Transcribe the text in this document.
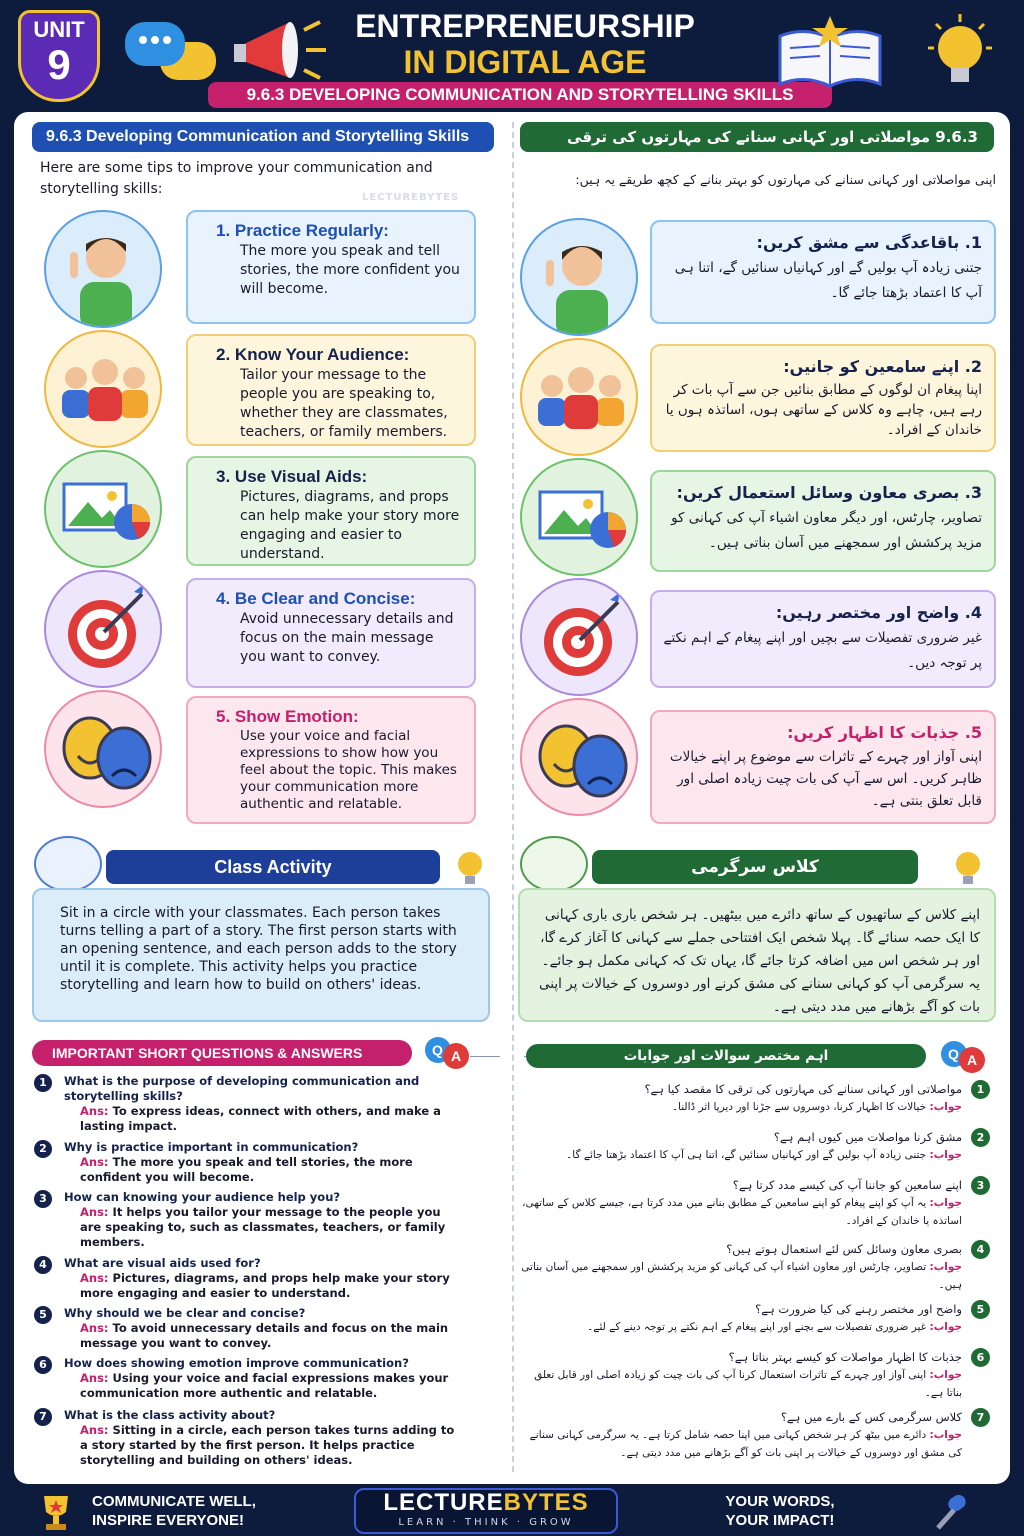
UNIT
9
ENTREPRENEURSHIP
IN DIGITAL AGE
9.6.3 DEVELOPING COMMUNICATION AND STORYTELLING SKILLS
9.6.3 Developing Communication and Storytelling Skills
Here are some tips to improve your communication and storytelling skills:
LECTUREBYTES
1. Practice Regularly:
The more you speak and tell stories, the more confident you will become.
2. Know Your Audience:
Tailor your message to the people you are speaking to, whether they are classmates, teachers, or family members.
3. Use Visual Aids:
Pictures, diagrams, and props can help make your story more engaging and easier to understand.
4. Be Clear and Concise:
Avoid unnecessary details and focus on the main message you want to convey.
5. Show Emotion:
Use your voice and facial expressions to show how you feel about the topic. This makes your communication more authentic and relatable.
9.6.3 مواصلاتی اور کہانی سنانے کی مہارتوں کی ترقی
اپنی مواصلاتی اور کہانی سنانے کی مہارتوں کو بہتر بنانے کے کچھ طریقے یہ ہیں:
1. باقاعدگی سے مشق کریں:
جتنی زیادہ آپ بولیں گے اور کہانیاں سنائیں گے، اتنا ہی آپ کا اعتماد بڑھتا جائے گا۔
2. اپنے سامعین کو جانیں:
اپنا پیغام ان لوگوں کے مطابق بنائیں جن سے آپ بات کر رہے ہیں، چاہے وہ کلاس کے ساتھی ہوں، اساتذہ ہوں یا خاندان کے افراد۔
3. بصری معاون وسائل استعمال کریں:
تصاویر، چارٹس، اور دیگر معاون اشیاء آپ کی کہانی کو مزید پرکشش اور سمجھنے میں آسان بناتی ہیں۔
4. واضح اور مختصر رہیں:
غیر ضروری تفصیلات سے بچیں اور اپنے پیغام کے اہم نکتے پر توجہ دیں۔
5. جذبات کا اظہار کریں:
اپنی آواز اور چہرے کے تاثرات سے موضوع پر اپنے خیالات ظاہر کریں۔ اس سے آپ کی بات چیت زیادہ اصلی اور قابل تعلق بنتی ہے۔
Class Activity
Sit in a circle with your classmates. Each person takes turns telling a part of a story. The first person starts with an opening sentence, and each person adds to the story until it is complete. This activity helps you practice storytelling and learn how to build on others' ideas.
کلاس سرگرمی
اپنے کلاس کے ساتھیوں کے ساتھ دائرے میں بیٹھیں۔ ہر شخص باری باری کہانی کا ایک حصہ سنائے گا۔ پہلا شخص ایک افتتاحی جملے سے کہانی کا آغاز کرے گا، اور ہر شخص اس میں اضافہ کرتا جائے گا، یہاں تک کہ کہانی مکمل ہو جائے۔ یہ سرگرمی آپ کو کہانی سنانے کی مشق کرنے اور دوسروں کے خیالات پر اپنی بات کو آگے بڑھانے میں مدد دیتی ہے۔
IMPORTANT SHORT QUESTIONS & ANSWERS	Q A
1	What is the purpose of developing communication and storytelling skills?
Ans: To express ideas, connect with others, and make a lasting impact.
2	Why is practice important in communication?
Ans: The more you speak and tell stories, the more confident you will become.
3	How can knowing your audience help you?
Ans: It helps you tailor your message to the people you are speaking to, such as classmates, teachers, or family members.
4	What are visual aids used for?
Ans: Pictures, diagrams, and props help make your story more engaging and easier to understand.
5	Why should we be clear and concise?
Ans: To avoid unnecessary details and focus on the main message you want to convey.
6	How does showing emotion improve communication?
Ans: Using your voice and facial expressions makes your communication more authentic and relatable.
7	What is the class activity about?
Ans: Sitting in a circle, each person takes turns adding to a story started by the first person. It helps practice storytelling and building on others' ideas.
اہم مختصر سوالات اور جوابات	Q A
1
مواصلاتی اور کہانی سنانے کی مہارتوں کی ترقی کا مقصد کیا ہے؟
جواب: خیالات کا اظہار کرنا، دوسروں سے جڑنا اور دیرپا اثر ڈالنا۔
2
مشق کرنا مواصلات میں کیوں اہم ہے؟
جواب: جتنی زیادہ آپ بولیں گے اور کہانیاں سنائیں گے، اتنا ہی آپ کا اعتماد بڑھتا جائے گا۔
3
اپنے سامعین کو جاننا آپ کی کیسے مدد کرتا ہے؟
جواب: یہ آپ کو اپنے پیغام کو اپنے سامعین کے مطابق بنانے میں مدد کرتا ہے، جیسے کلاس کے ساتھی، اساتذہ یا خاندان کے افراد۔
4
بصری معاون وسائل کس لئے استعمال ہوتے ہیں؟
جواب: تصاویر، چارٹس اور معاون اشیاء آپ کی کہانی کو مزید پرکشش اور سمجھنے میں آسان بناتی ہیں۔
5
واضح اور مختصر رہنے کی کیا ضرورت ہے؟
جواب: غیر ضروری تفصیلات سے بچنے اور اپنے پیغام کے اہم نکتے پر توجہ دینے کے لئے۔
6
جذبات کا اظہار مواصلات کو کیسے بہتر بناتا ہے؟
جواب: اپنی آواز اور چہرے کے تاثرات استعمال کرنا آپ کی بات چیت کو زیادہ اصلی اور قابل تعلق بناتا ہے۔
7
کلاس سرگرمی کس کے بارے میں ہے؟
جواب: دائرے میں بیٹھ کر ہر شخص کہانی میں اپنا حصہ شامل کرتا ہے۔ یہ سرگرمی کہانی سنانے کی مشق اور دوسروں کے خیالات پر اپنی بات کو آگے بڑھانے میں مدد دیتی ہے۔
COMMUNICATE WELL,
INSPIRE EVERYONE!
LECTUREBYTES
LEARN · THINK · GROW
YOUR WORDS,
YOUR IMPACT!
